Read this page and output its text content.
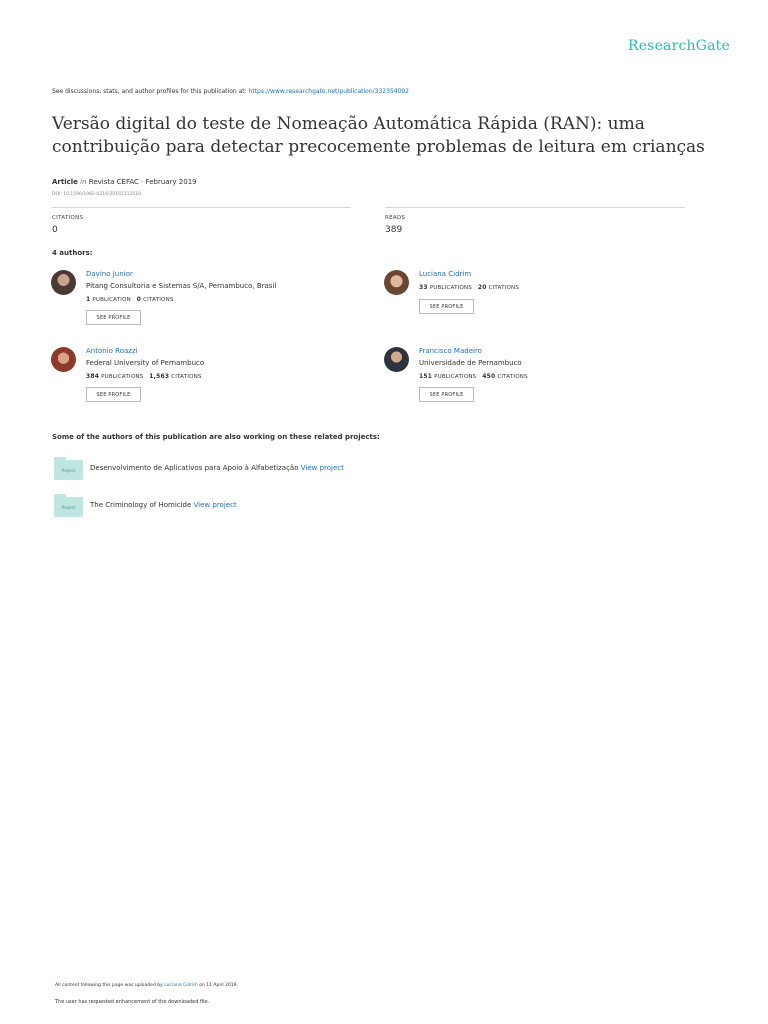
ResearchGate
See discussions, stats, and author profiles for this publication at: https://www.researchgate.net/publication/332354092
Versão digital do teste de Nomeação Automática Rápida (RAN): uma contribuição para detectar precocemente problemas de leitura em crianças
Article in Revista CEFAC · February 2019
DOI: 10.1590/1982-0216/20192112518
CITATIONS
0
READS
389
4 authors:
Davino Junior
Pitang Consultoria e Sistemas S/A, Pernambuco, Brasil
1 PUBLICATION 0 CITATIONS
SEE PROFILE
Luciana Cidrim
33 PUBLICATIONS 20 CITATIONS
SEE PROFILE
Antonio Roazzi
Federal University of Pernambuco
384 PUBLICATIONS 1,563 CITATIONS
SEE PROFILE
Francisco Madeiro
Universidade de Pernambuco
151 PUBLICATIONS 450 CITATIONS
SEE PROFILE
Some of the authors of this publication are also working on these related projects:
Project	Desenvolvimento de Aplicativos para Apoio à Alfabetização View project
Project	The Criminology of Homicide View project
All content following this page was uploaded by Luciana Cidrim on 11 April 2019.
The user has requested enhancement of the downloaded file.
